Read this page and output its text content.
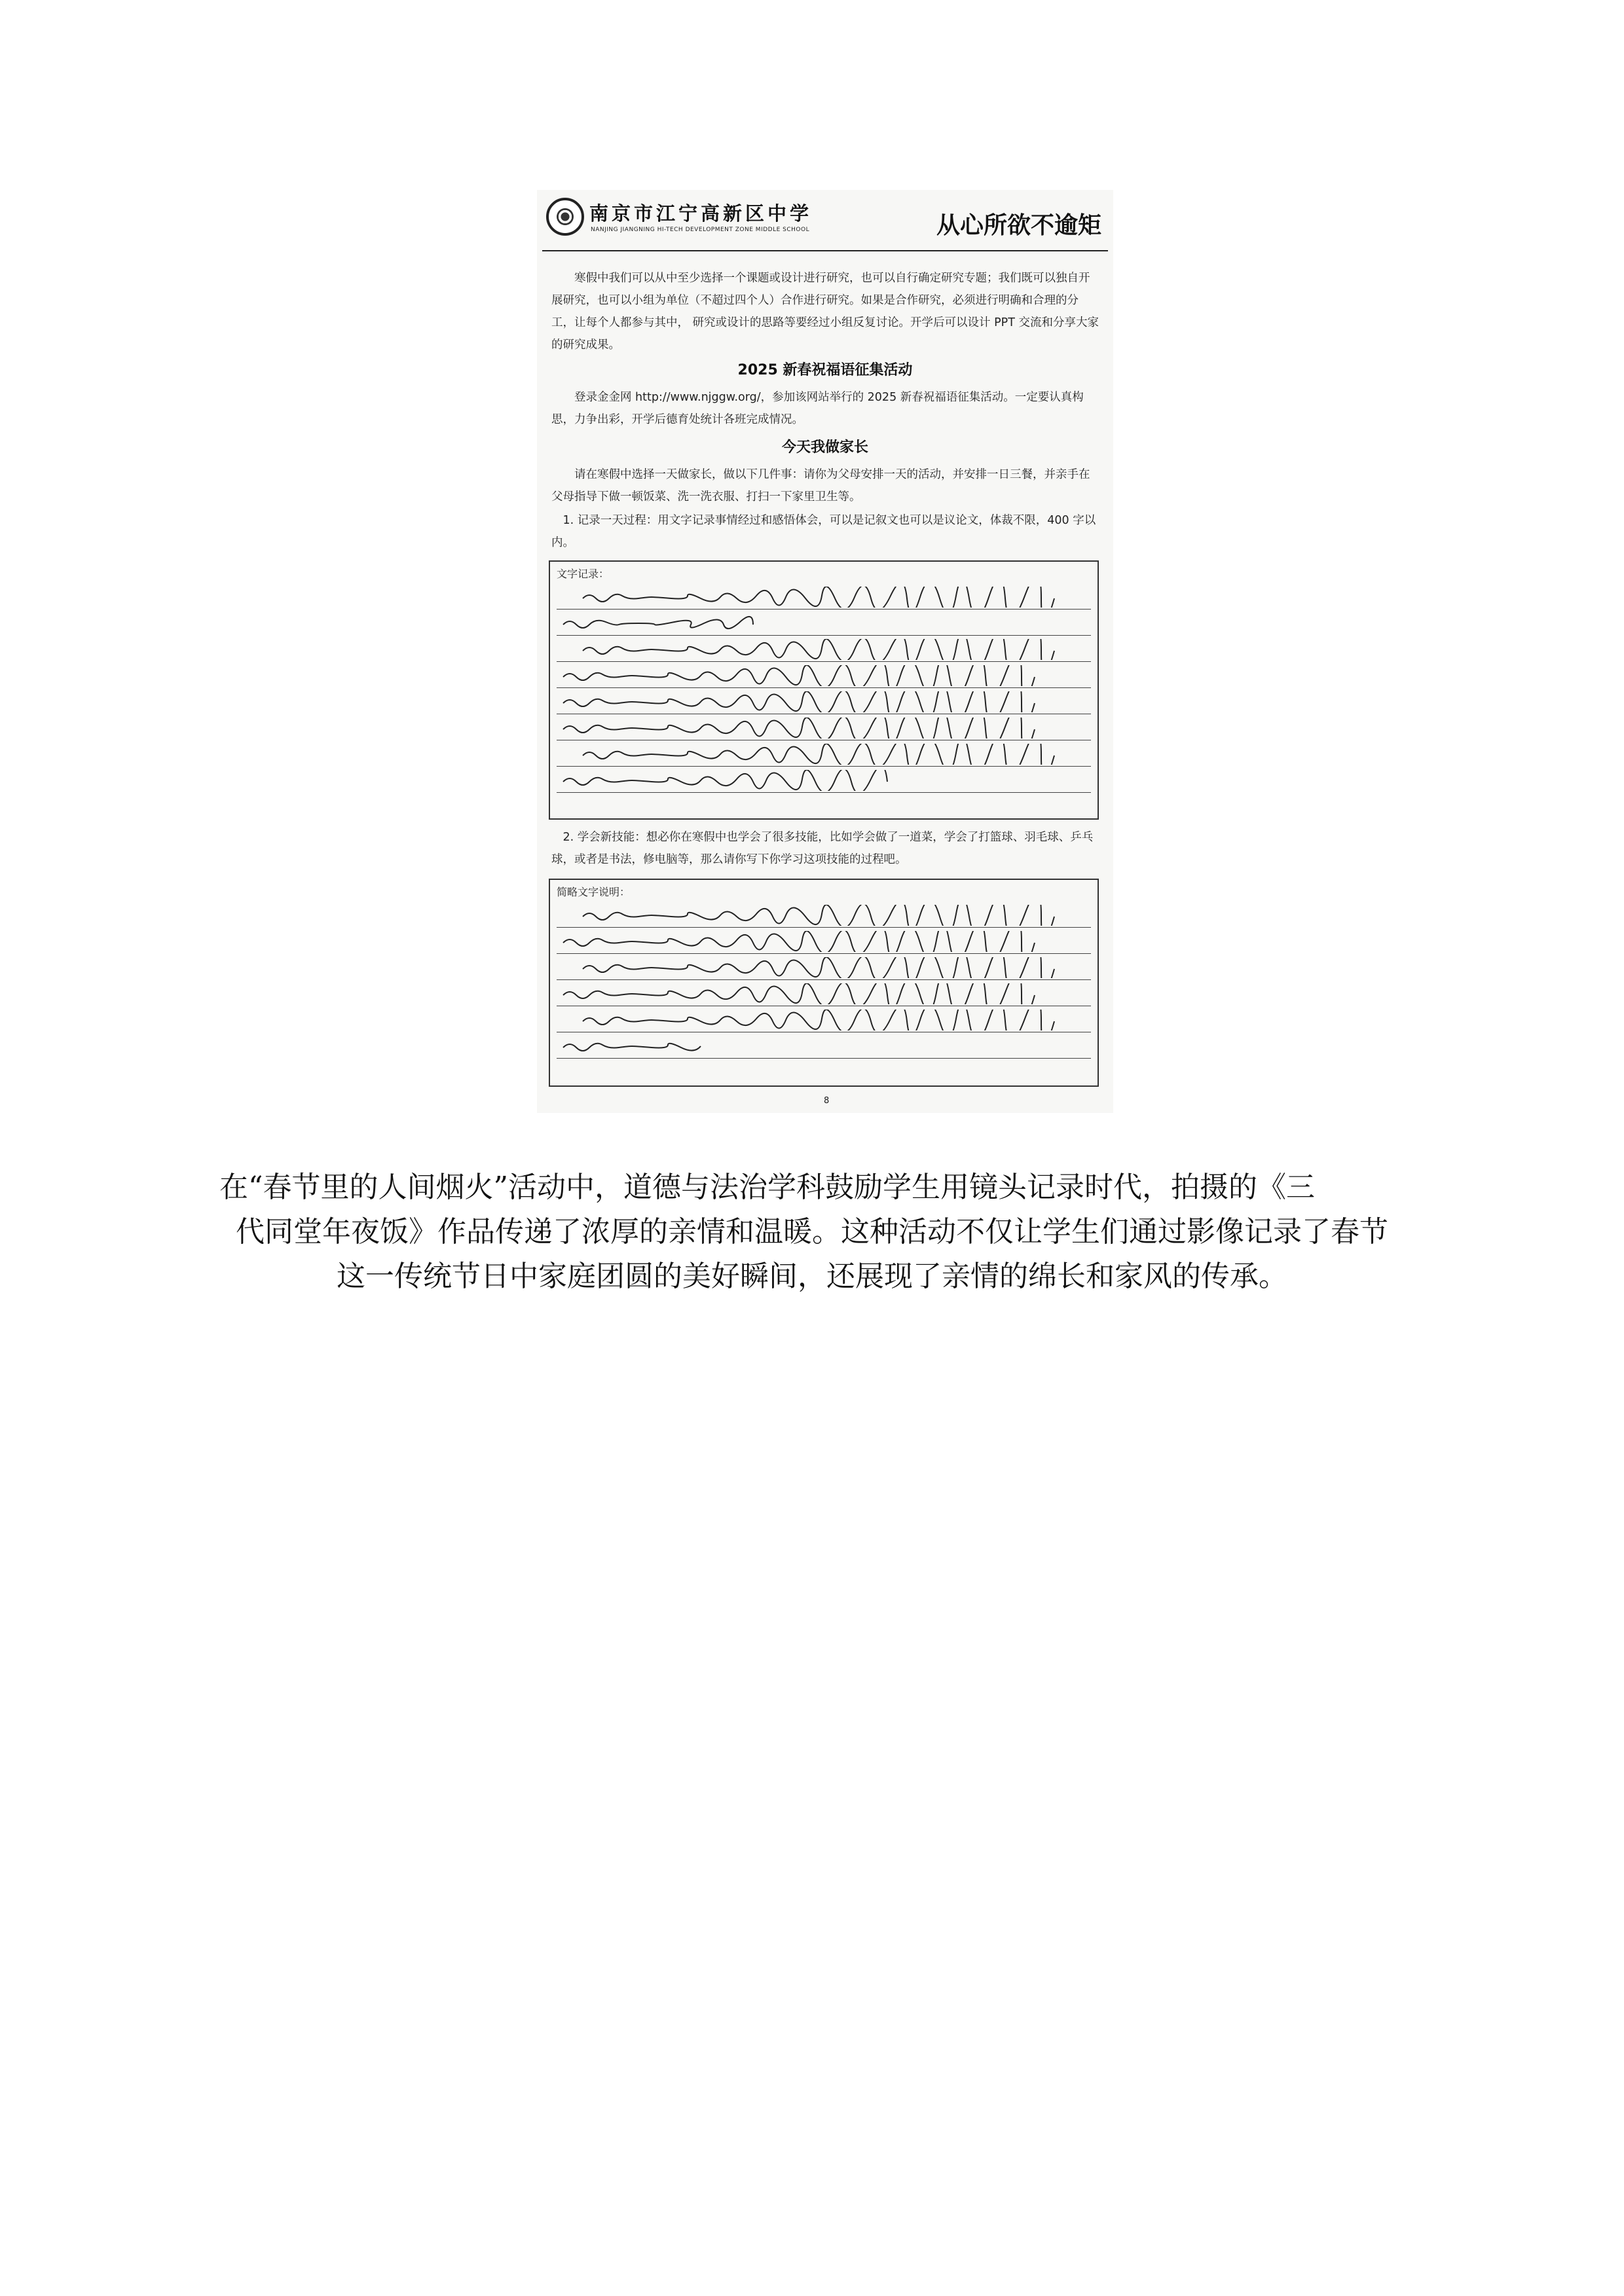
南京市江宁高新区中学
NANJING JIANGNING HI-TECH DEVELOPMENT ZONE MIDDLE SCHOOL	从心所欲不逾矩
寒假中我们可以从中至少选择一个课题或设计进行研究，也可以自行确定研究专题；我们既可以独自开展研究，也可以小组为单位（不超过四个人）合作进行研究。如果是合作研究，必须进行明确和合理的分工，让每个人都参与其中， 研究或设计的思路等要经过小组反复讨论。开学后可以设计 PPT 交流和分享大家的研究成果。
2025 新春祝福语征集活动
登录金金网 http://www.njggw.org/，参加该网站举行的 2025 新春祝福语征集活动。一定要认真构思，力争出彩，开学后德育处统计各班完成情况。
今天我做家长
请在寒假中选择一天做家长，做以下几件事：请你为父母安排一天的活动，并安排一日三餐，并亲手在父母指导下做一顿饭菜、洗一洗衣服、打扫一下家里卫生等。
1. 记录一天过程：用文字记录事情经过和感悟体会，可以是记叙文也可以是议论文，体裁不限，400 字以内。
文字记录：
2. 学会新技能：想必你在寒假中也学会了很多技能，比如学会做了一道菜，学会了打篮球、羽毛球、乒乓球，或者是书法，修电脑等，那么请你写下你学习这项技能的过程吧。
简略文字说明：
8
在“春节里的人间烟火”活动中，道德与法治学科鼓励学生用镜头记录时代，拍摄的《三
代同堂年夜饭》作品传递了浓厚的亲情和温暖。这种活动不仅让学生们通过影像记录了春节
这一传统节日中家庭团圆的美好瞬间，还展现了亲情的绵长和家风的传承。
